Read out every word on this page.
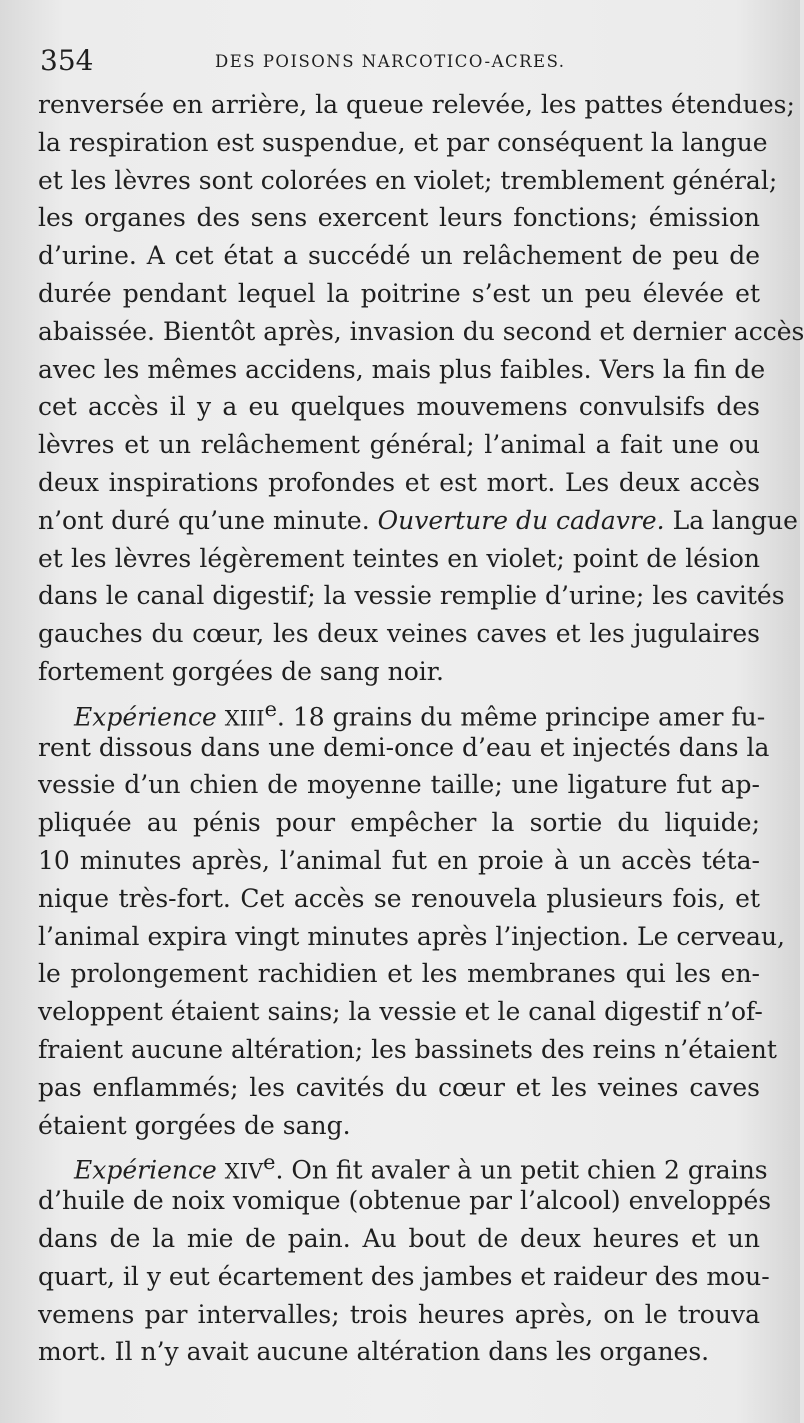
354	DES POISONS NARCOTICO-ACRES.
renversée en arrière, la queue relevée, les pattes étendues;
la respiration est suspendue, et par conséquent la langue
et les lèvres sont colorées en violet; tremblement général;
les organes des sens exercent leurs fonctions; émission
d’urine. A cet état a succédé un relâchement de peu de
durée pendant lequel la poitrine s’est un peu élevée et
abaissée. Bientôt après, invasion du second et dernier accès
avec les mêmes accidens, mais plus faibles. Vers la fin de
cet accès il y a eu quelques mouvemens convulsifs des
lèvres et un relâchement général; l’animal a fait une ou
deux inspirations profondes et est mort. Les deux accès
n’ont duré qu’une minute. Ouverture du cadavre. La langue
et les lèvres légèrement teintes en violet; point de lésion
dans le canal digestif; la vessie remplie d’urine; les cavités
gauches du cœur, les deux veines caves et les jugulaires
fortement gorgées de sang noir.
Expérience XIIIe. 18 grains du même principe amer fu-
rent dissous dans une demi-once d’eau et injectés dans la
vessie d’un chien de moyenne taille; une ligature fut ap-
pliquée au pénis pour empêcher la sortie du liquide;
10 minutes après, l’animal fut en proie à un accès téta-
nique très-fort. Cet accès se renouvela plusieurs fois, et
l’animal expira vingt minutes après l’injection. Le cerveau,
le prolongement rachidien et les membranes qui les en-
veloppent étaient sains; la vessie et le canal digestif n’of-
fraient aucune altération; les bassinets des reins n’étaient
pas enflammés; les cavités du cœur et les veines caves
étaient gorgées de sang.
Expérience XIVe. On fit avaler à un petit chien 2 grains
d’huile de noix vomique (obtenue par l’alcool) enveloppés
dans de la mie de pain. Au bout de deux heures et un
quart, il y eut écartement des jambes et raideur des mou-
vemens par intervalles; trois heures après, on le trouva
mort. Il n’y avait aucune altération dans les organes.
